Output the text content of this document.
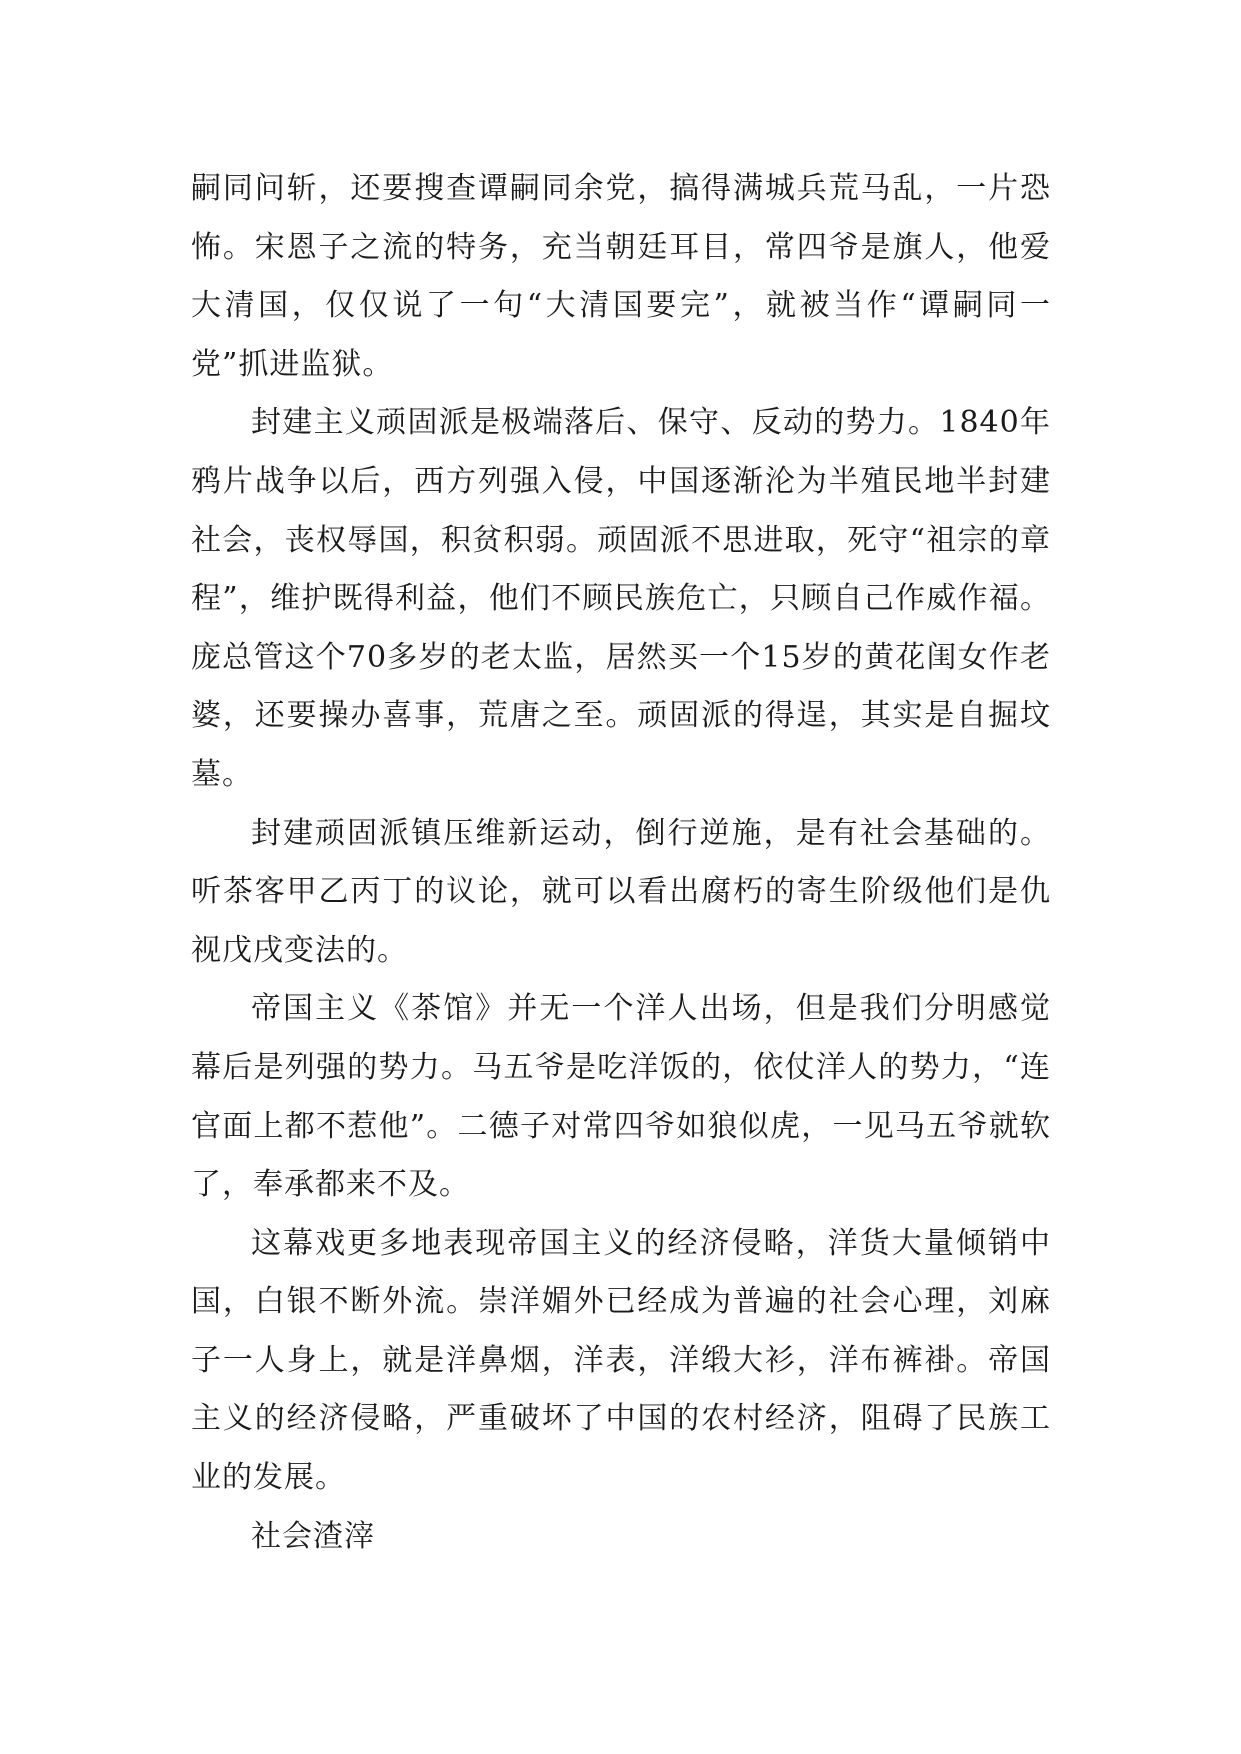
嗣同问斩，还要搜查谭嗣同余党，搞得满城兵荒马乱，一片恐怖。宋恩子之流的特务，充当朝廷耳目，常四爷是旗人，他爱大清国，仅仅说了一句“大清国要完”，就被当作“谭嗣同一党”抓进监狱。

封建主义顽固派是极端落后、保守、反动的势力。1840年鸦片战争以后，西方列强入侵，中国逐渐沦为半殖民地半封建社会，丧权辱国，积贫积弱。顽固派不思进取，死守“祖宗的章程”，维护既得利益，他们不顾民族危亡，只顾自己作威作福。庞总管这个70多岁的老太监，居然买一个15岁的黄花闺女作老婆，还要操办喜事，荒唐之至。顽固派的得逞，其实是自掘坟墓。

封建顽固派镇压维新运动，倒行逆施，是有社会基础的。听茶客甲乙丙丁的议论，就可以看出腐朽的寄生阶级他们是仇视戊戌变法的。

帝国主义《茶馆》并无一个洋人出场，但是我们分明感觉幕后是列强的势力。马五爷是吃洋饭的，依仗洋人的势力，“连官面上都不惹他”。二德子对常四爷如狼似虎，一见马五爷就软了，奉承都来不及。

这幕戏更多地表现帝国主义的经济侵略，洋货大量倾销中国，白银不断外流。崇洋媚外已经成为普遍的社会心理，刘麻子一人身上，就是洋鼻烟，洋表，洋缎大衫，洋布裤褂。帝国主义的经济侵略，严重破坏了中国的农村经济，阻碍了民族工业的发展。

社会渣滓
